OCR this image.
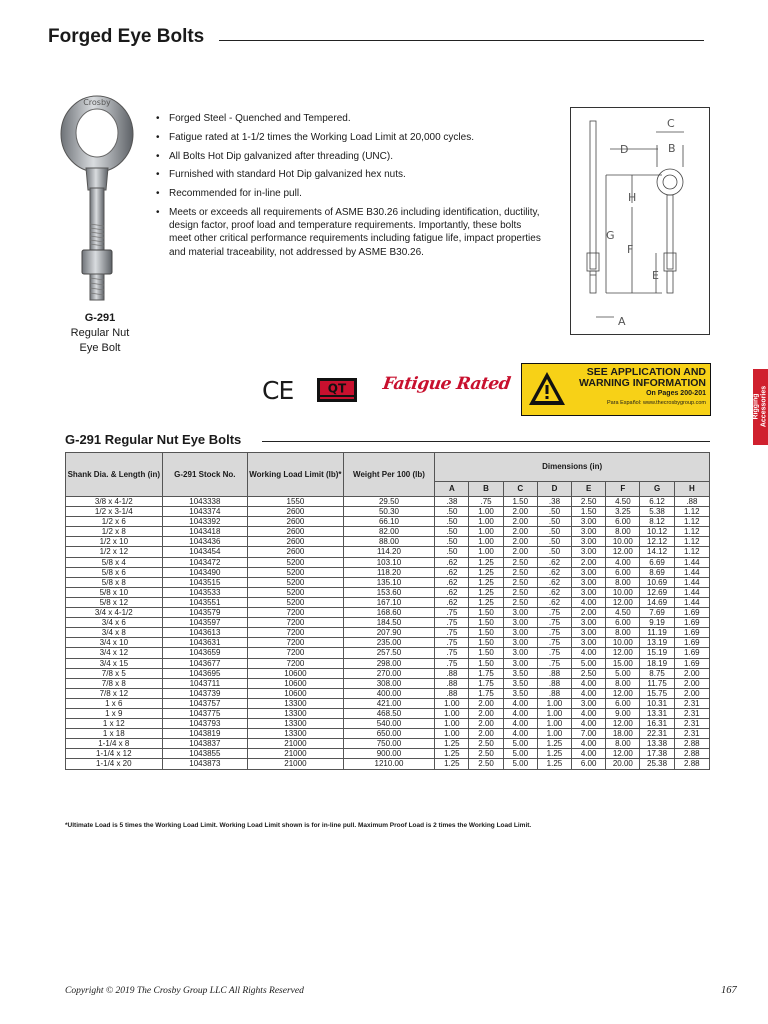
Forged Eye Bolts
Crosby
G-291
Regular Nut
Eye Bolt
• Forged Steel - Quenched and Tempered.
• Fatigue rated at 1-1/2 times the Working Load Limit at 20,000 cycles.
• All Bolts Hot Dip galvanized after threading (UNC).
• Furnished with standard Hot Dip galvanized hex nuts.
• Recommended for in-line pull.
• Meets or exceeds all requirements of ASME B30.26 including identification, ductility, design factor, proof load and temperature requirements. Importantly, these bolts meet other critical performance requirements including fatigue life, impact properties and material traceability, not addressed by ASME B30.26.
C
D	B
H
G
F
E
A
CE	QT Fatigue Rated
SEE APPLICATION AND
WARNING INFORMATION
On Pages 200-201
Para Español: www.thecrosbygroup.com	Rigging Accessories
G-291 Regular Nut Eye Bolts
Shank Dia. & Length (in)	G-291 Stock No.	Working Load Limit (lb)*	Weight Per 100 (lb)	Dimensions (in)							
				A	B	C	D	E	F	G	H
3/8 x 4-1/2	1043338	1550	29.50	.38	.75	1.50	.38	2.50	4.50	6.12	.88
1/2 x 3-1/4	1043374	2600	50.30	.50	1.00	2.00	.50	1.50	3.25	5.38	1.12
1/2 x 6	1043392	2600	66.10	.50	1.00	2.00	.50	3.00	6.00	8.12	1.12
1/2 x 8	1043418	2600	82.00	.50	1.00	2.00	.50	3.00	8.00	10.12	1.12
1/2 x 10	1043436	2600	88.00	.50	1.00	2.00	.50	3.00	10.00	12.12	1.12
1/2 x 12	1043454	2600	114.20	.50	1.00	2.00	.50	3.00	12.00	14.12	1.12
5/8 x 4	1043472	5200	103.10	.62	1.25	2.50	.62	2.00	4.00	6.69	1.44
5/8 x 6	1043490	5200	118.20	.62	1.25	2.50	.62	3.00	6.00	8.69	1.44
5/8 x 8	1043515	5200	135.10	.62	1.25	2.50	.62	3.00	8.00	10.69	1.44
5/8 x 10	1043533	5200	153.60	.62	1.25	2.50	.62	3.00	10.00	12.69	1.44
5/8 x 12	1043551	5200	167.10	.62	1.25	2.50	.62	4.00	12.00	14.69	1.44
3/4 x 4-1/2	1043579	7200	168.60	.75	1.50	3.00	.75	2.00	4.50	7.69	1.69
3/4 x 6	1043597	7200	184.50	.75	1.50	3.00	.75	3.00	6.00	9.19	1.69
3/4 x 8	1043613	7200	207.90	.75	1.50	3.00	.75	3.00	8.00	11.19	1.69
3/4 x 10	1043631	7200	235.00	.75	1.50	3.00	.75	3.00	10.00	13.19	1.69
3/4 x 12	1043659	7200	257.50	.75	1.50	3.00	.75	4.00	12.00	15.19	1.69
3/4 x 15	1043677	7200	298.00	.75	1.50	3.00	.75	5.00	15.00	18.19	1.69
7/8 x 5	1043695	10600	270.00	.88	1.75	3.50	.88	2.50	5.00	8.75	2.00
7/8 x 8	1043711	10600	308.00	.88	1.75	3.50	.88	4.00	8.00	11.75	2.00
7/8 x 12	1043739	10600	400.00	.88	1.75	3.50	.88	4.00	12.00	15.75	2.00
1 x 6	1043757	13300	421.00	1.00	2.00	4.00	1.00	3.00	6.00	10.31	2.31
1 x 9	1043775	13300	468.50	1.00	2.00	4.00	1.00	4.00	9.00	13.31	2.31
1 x 12	1043793	13300	540.00	1.00	2.00	4.00	1.00	4.00	12.00	16.31	2.31
1 x 18	1043819	13300	650.00	1.00	2.00	4.00	1.00	7.00	18.00	22.31	2.31
1-1/4 x 8	1043837	21000	750.00	1.25	2.50	5.00	1.25	4.00	8.00	13.38	2.88
1-1/4 x 12	1043855	21000	900.00	1.25	2.50	5.00	1.25	4.00	12.00	17.38	2.88
1-1/4 x 20	1043873	21000	1210.00	1.25	2.50	5.00	1.25	6.00	20.00	25.38	2.88
*Ultimate Load is 5 times the Working Load Limit. Working Load Limit shown is for in-line pull. Maximum Proof Load is 2 times the Working Load Limit.
Copyright © 2019 The Crosby Group LLC All Rights Reserved	167
